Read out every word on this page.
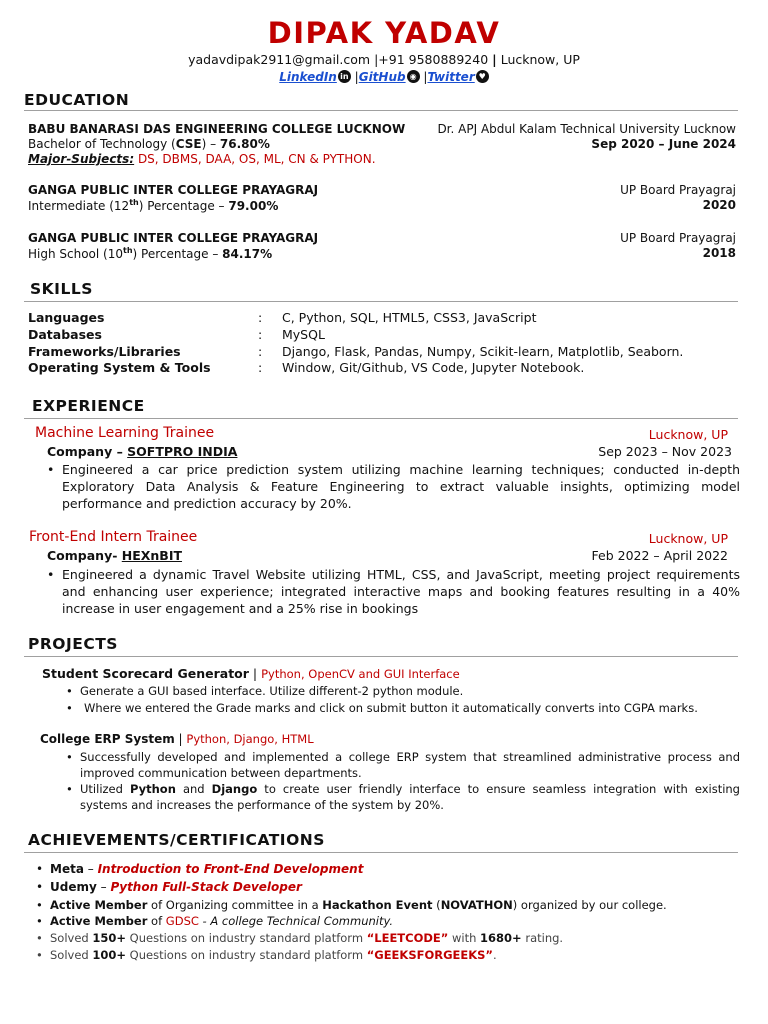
DIPAK YADAV
yadavdipak2911@gmail.com |+91 9580889240 | Lucknow, UP
LinkedIn in |GitHub ◉ |Twitter ♥
EDUCATION
BABU BANARASI DAS ENGINEERING COLLEGE LUCKNOW	Dr. APJ Abdul Kalam Technical University Lucknow
Bachelor of Technology (CSE) – 76.80%	Sep 2020 – June 2024
Major-Subjects: DS, DBMS, DAA, OS, ML, CN & PYTHON.
GANGA PUBLIC INTER COLLEGE PRAYAGRAJ	UP Board Prayagraj
Intermediate (12th) Percentage – 79.00%	2020
GANGA PUBLIC INTER COLLEGE PRAYAGRAJ	UP Board Prayagraj
High School (10th) Percentage – 84.17%	2018
SKILLS
Languages	: C, Python, SQL, HTML5, CSS3, JavaScript
Databases	: MySQL
Frameworks/Libraries	: Django, Flask, Pandas, Numpy, Scikit-learn, Matplotlib, Seaborn.
Operating System & Tools	: Window, Git/Github, VS Code, Jupyter Notebook.
EXPERIENCE
Machine Learning Trainee	Lucknow, UP
Company – SOFTPRO INDIA	Sep 2023 – Nov 2023
• Engineered a car price prediction system utilizing machine learning techniques; conducted in-depth Exploratory Data Analysis & Feature Engineering to extract valuable insights, optimizing model performance and prediction accuracy by 20%.
Front-End Intern Trainee	Lucknow, UP
Company- HEXnBIT	Feb 2022 – April 2022
• Engineered a dynamic Travel Website utilizing HTML, CSS, and JavaScript, meeting project requirements and enhancing user experience; integrated interactive maps and booking features resulting in a 40% increase in user engagement and a 25% rise in bookings
PROJECTS
Student Scorecard Generator | Python, OpenCV and GUI Interface
• Generate a GUI based interface. Utilize different-2 python module.
• Where we entered the Grade marks and click on submit button it automatically converts into CGPA marks.
College ERP System | Python, Django, HTML
• Successfully developed and implemented a college ERP system that streamlined administrative process and improved communication between departments.
• Utilized Python and Django to create user friendly interface to ensure seamless integration with existing systems and increases the performance of the system by 20%.
ACHIEVEMENTS/CERTIFICATIONS
• Meta – Introduction to Front-End Development
• Udemy – Python Full-Stack Developer
• Active Member of Organizing committee in a Hackathon Event (NOVATHON) organized by our college.
• Active Member of GDSC - A college Technical Community.
• Solved 150+ Questions on industry standard platform “LEETCODE” with 1680+ rating.
• Solved 100+ Questions on industry standard platform “GEEKSFORGEEKS”.
